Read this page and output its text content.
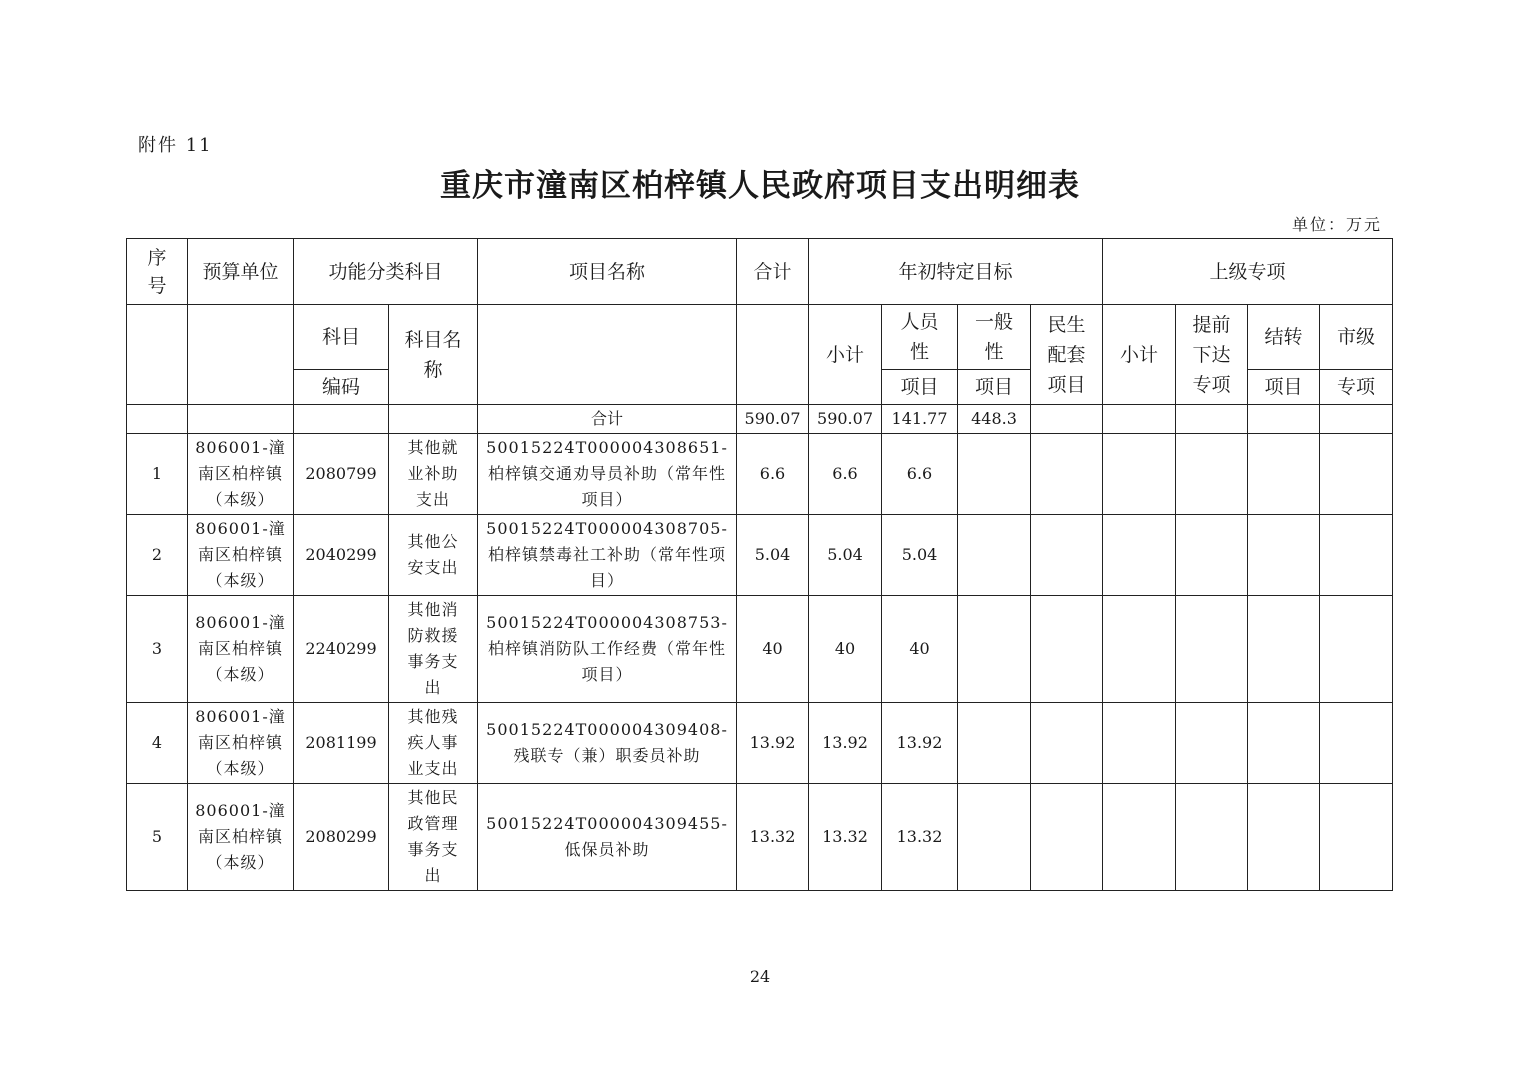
附件 11
重庆市潼南区柏梓镇人民政府项目支出明细表
单位：万元
序号	预算单位	功能分类科目		项目名称	合计	年初特定目标				上级专项			
		科目	科目名称			小计	人员性	一般性	民生配套项目	小计	提前下达专项	结转	市级
		编码					项目	项目				项目	专项
				合计	590.07	590.07	141.77	448.3					
1	806001-潼南区柏梓镇（本级）	2080799	其他就业补助支出	50015224T000004308651-柏梓镇交通劝导员补助（常年性项目）	6.6	6.6	6.6						
2	806001-潼南区柏梓镇（本级）	2040299	其他公安支出	50015224T000004308705-柏梓镇禁毒社工补助（常年性项目）	5.04	5.04	5.04						
3	806001-潼南区柏梓镇（本级）	2240299	其他消防救援事务支出	50015224T000004308753-柏梓镇消防队工作经费（常年性项目）	40	40	40						
4	806001-潼南区柏梓镇（本级）	2081199	其他残疾人事业支出	50015224T000004309408-残联专（兼）职委员补助	13.92	13.92	13.92						
5	806001-潼南区柏梓镇（本级）	2080299	其他民政管理事务支出	50015224T000004309455-低保员补助	13.32	13.32	13.32						
24
